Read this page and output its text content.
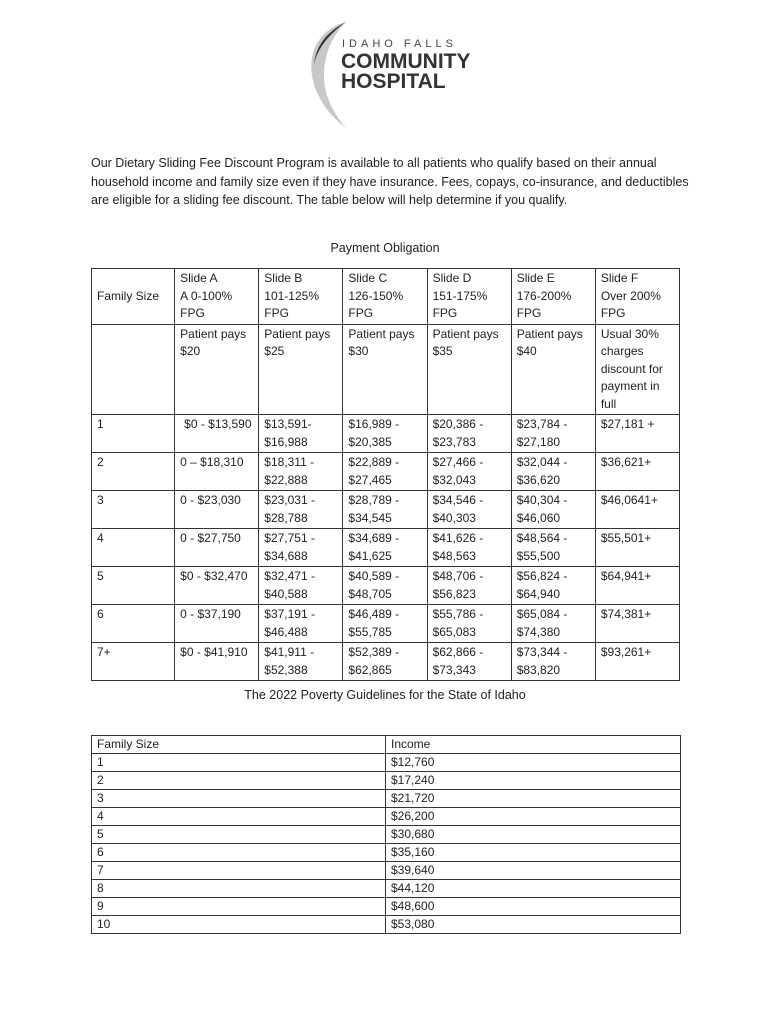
IDAHO FALLS
COMMUNITY
HOSPITAL

Our Dietary Sliding Fee Discount Program is available to all patients who qualify based on their annual household income and family size even if they have insurance. Fees, copays, co-insurance, and deductibles are eligible for a sliding fee discount. The table below will help determine if you qualify.

Payment Obligation
Family Size	Slide A
A 0-100%
FPG	Slide B
101-125%
FPG	Slide C
126-150%
FPG	Slide D
151-175%
FPG	Slide E
176-200%
FPG	Slide F
Over 200%
FPG

	Patient pays $20	Patient pays $25	Patient pays $30	Patient pays $35	Patient pays $40	Usual 30% charges discount for payment in full
1	$0 - $13,590	$13,591- $16,988	$16,989 - $20,385	$20,386 - $23,783	$23,784 - $27,180	$27,181 +
2	0 – $18,310	$18,311 - $22,888	$22,889 - $27,465	$27,466 - $32,043	$32,044 - $36,620	$36,621+
3	0 - $23,030	$23,031 - $28,788	$28,789 - $34,545	$34,546 - $40,303	$40,304 - $46,060	$46,0641+
4	0 - $27,750	$27,751 - $34,688	$34,689 - $41,625	$41,626 - $48,563	$48,564 - $55,500	$55,501+
5	$0 - $32,470	$32,471 - $40,588	$40,589 - $48,705	$48,706 - $56,823	$56,824 - $64,940	$64,941+
6	0 - $37,190	$37,191 - $46,488	$46,489 - $55,785	$55,786 - $65,083	$65,084 - $74,380	$74,381+
7+	$0 - $41,910	$41,911 - $52,388	$52,389 - $62,865	$62,866 - $73,343	$73,344 - $83,820	$93,261+
The 2022 Poverty Guidelines for the State of Idaho
Family Size	Income
1	$12,760
2	$17,240
3	$21,720
4	$26,200
5	$30,680
6	$35,160
7	$39,640
8	$44,120
9	$48,600
10	$53,080
